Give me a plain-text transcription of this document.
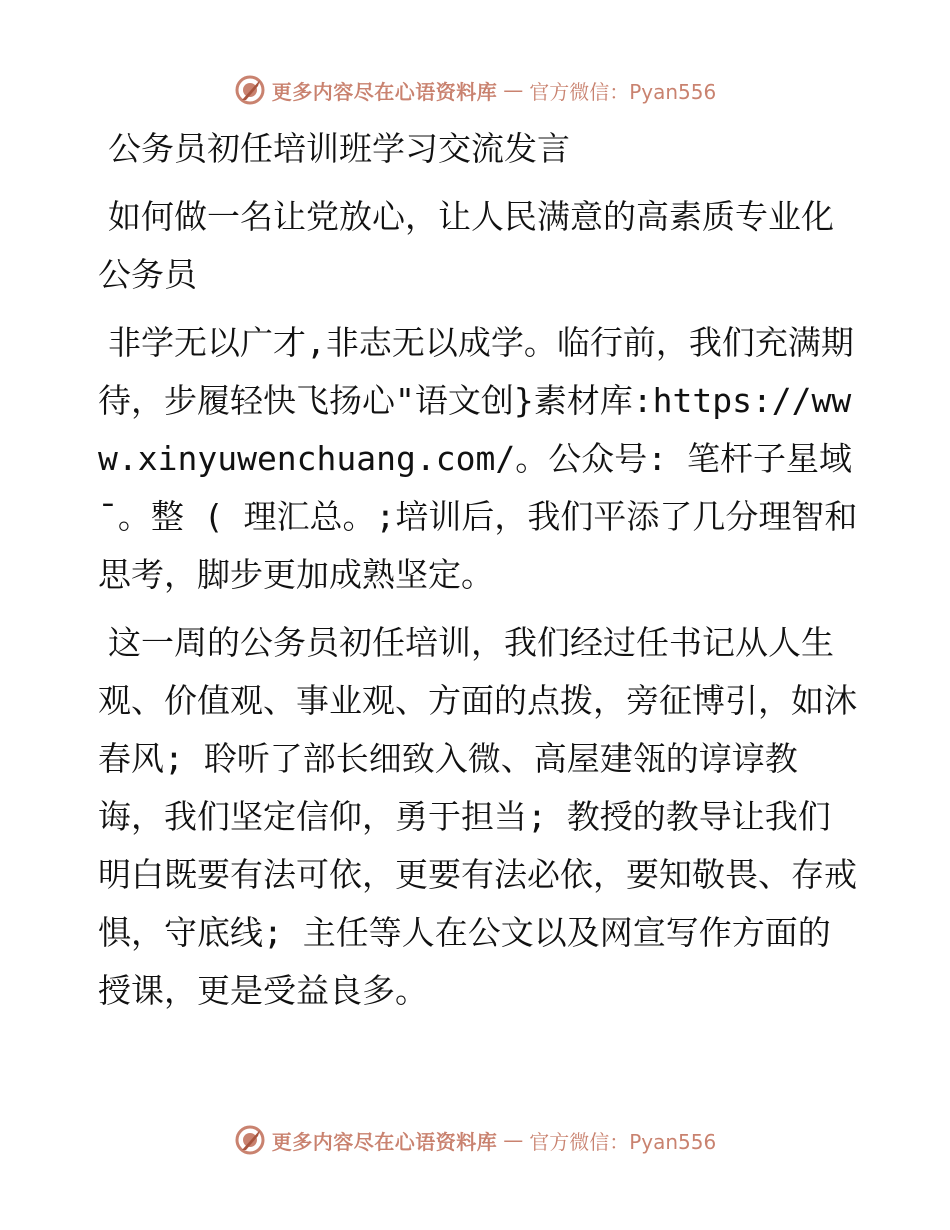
更多内容尽在心语资料库 — 官方微信：Pyan556

公务员初任培训班学习交流发言

如何做一名让党放心，让人民满意的高素质专业化公务员

非学无以广才,非志无以成学。临行前，我们充满期待，步履轻快飞扬心"语文创}素材库:https://www.xinyuwenchuang.com/。公众号: 笔杆子星域¯。整 ( 理汇总。;培训后，我们平添了几分理智和思考，脚步更加成熟坚定。

这一周的公务员初任培训，我们经过任书记从人生观、价值观、事业观、方面的点拨，旁征博引，如沐春风; 聆听了部长细致入微、高屋建瓴的谆谆教诲，我们坚定信仰，勇于担当; 教授的教导让我们明白既要有法可依，更要有法必依，要知敬畏、存戒惧，守底线; 主任等人在公文以及网宣写作方面的授课，更是受益良多。

更多内容尽在心语资料库 — 官方微信：Pyan556
